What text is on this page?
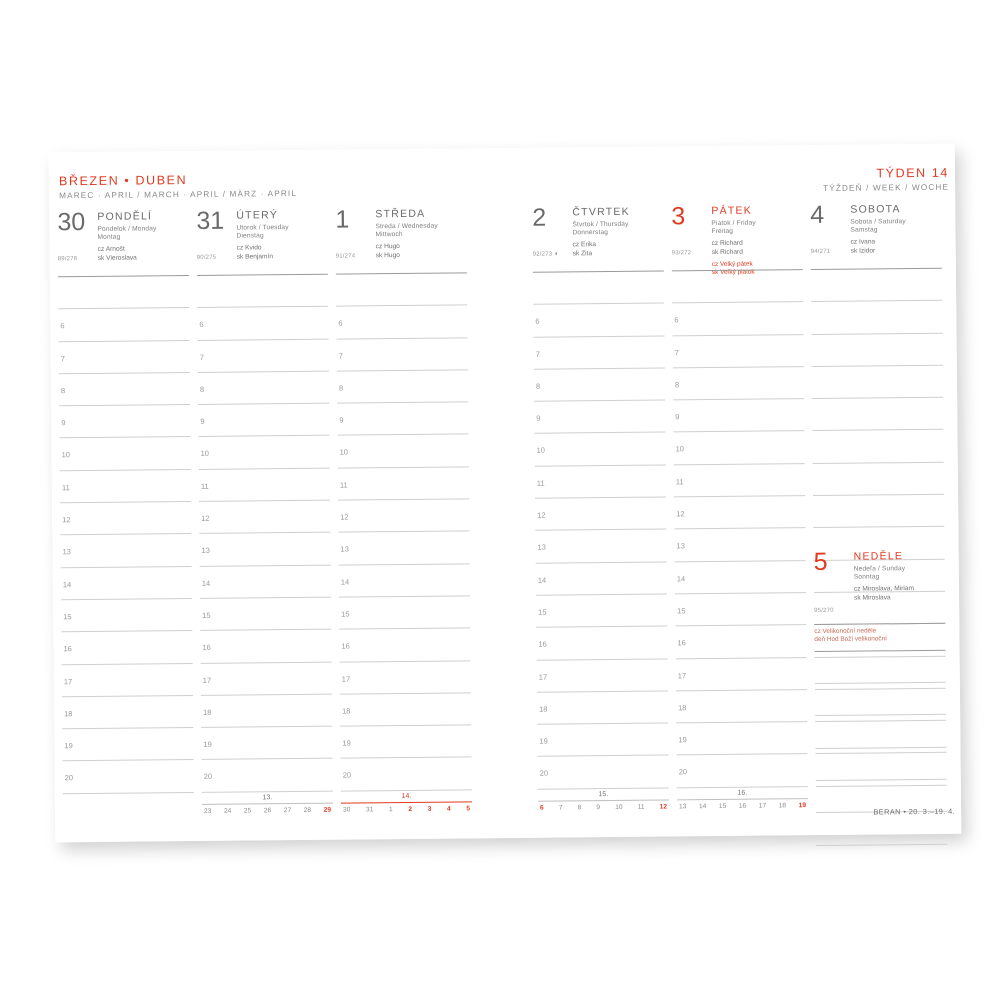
BŘEZEN • DUBEN
MAREC · APRIL / MARCH · APRIL / MÄRZ · APRIL
TÝDEN 14
TÝŽDEŇ / WEEK / WOCHE
30 PONDĚLÍ
Pondelok / Monday
Montag
cz Arnošt
sk Vieroslava
89/276
6
7
8
9
10
11
12
13
14
15
16
17
18
19
20
31 ÚTERÝ
Utorok / Tuesday
Dienstag
cz Kvido
sk Benjamín
90/275
6
7
8
9
10
11
12
13
14
15
16
17
18
19
20
1 STŘEDA
Streda / Wednesday
Mittwoch
cz Hugo
sk Hugo
91/274
6
7
8
9
10
11
12
13
14
15
16
17
18
19
20
2 ČTVRTEK
Štvrtok / Thursday
Donnerstag
cz Erika
sk Zita
92/273 ◐
6
7
8
9
10
11
12
13
14
15
16
17
18
19
20
3 PÁTEK
Piatok / Friday
Freitag
cz Richard
sk Richard
cz Velký pátek
sk Veľký piatok
93/272
6
7
8
9
10
11
12
13
14
15
16
17
18
19
20
4 SOBOTA
Sobota / Saturday
Samstag
cz Ivana
sk Izidor
94/271
5 NEDĚLE
Nedeľa / Sunday
Sonntag
cz Miroslava, Miriam
sk Miroslava
95/270
cz Velikonoční neděle
deň Hod Boží velikonoční
13.
23 24 25 26 27 28 29
14.
30 31 1 2 3 4 5
15.
6 7 8 9 10 11 12
16.
13 14 15 16 17 18 19
BERAN • 20. 3.–19. 4.
